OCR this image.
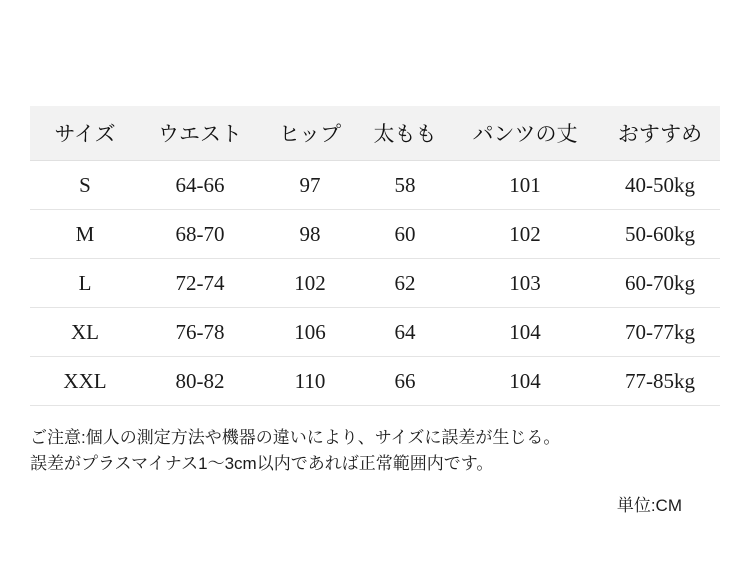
サイズ	ウエスト	ヒップ	太もも	パンツの丈	おすすめ
S	64-66	97	58	101	40-50kg
M	68-70	98	60	102	50-60kg
L	72-74	102	62	103	60-70kg
XL	76-78	106	64	104	70-77kg
XXL	80-82	110	66	104	77-85kg
ご注意:個人の測定方法や機器の違いにより、サイズに誤差が生じる。
誤差がプラスマイナス1〜3cm以内であれば正常範囲内です。
単位:CM
